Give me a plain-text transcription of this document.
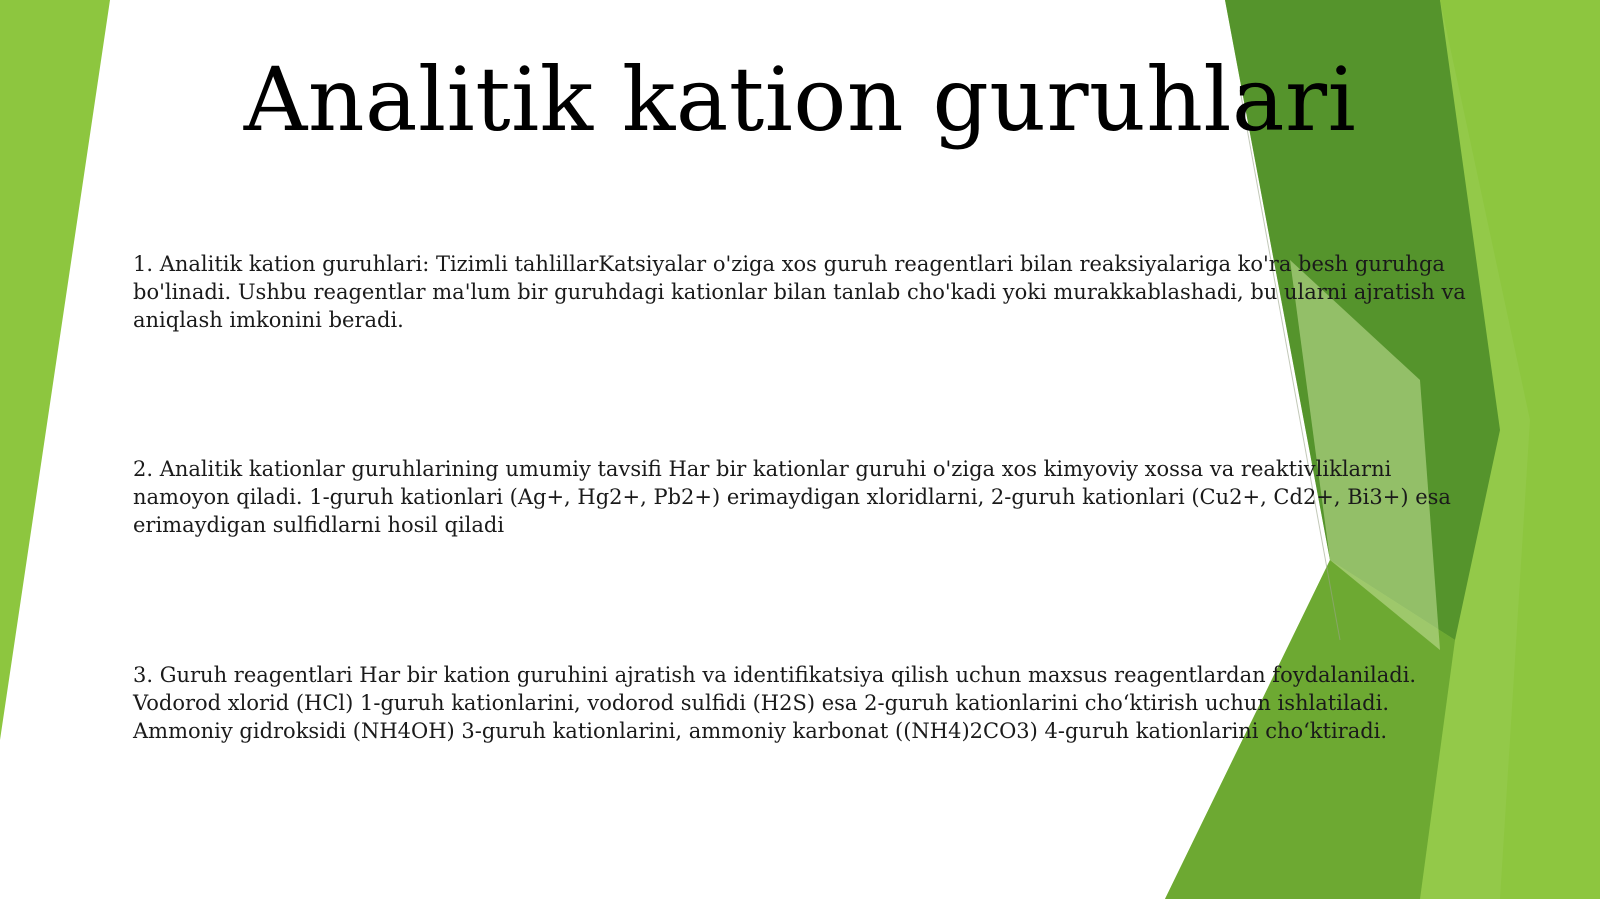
Analitik kation guruhlari

1. Analitik kation guruhlari: Tizimli tahlillarKatsiyalar o'ziga xos guruh reagentlari bilan reaksiyalariga ko'ra besh guruhga bo'linadi. Ushbu reagentlar ma'lum bir guruhdagi kationlar bilan tanlab cho'kadi yoki murakkablashadi, bu ularni ajratish va aniqlash imkonini beradi.

2. Analitik kationlar guruhlarining umumiy tavsifi Har bir kationlar guruhi o'ziga xos kimyoviy xossa va reaktivliklarni namoyon qiladi. 1-guruh kationlari (Ag+, Hg2+, Pb2+) erimaydigan xloridlarni, 2-guruh kationlari (Cu2+, Cd2+, Bi3+) esa erimaydigan sulfidlarni hosil qiladi

3. Guruh reagentlari Har bir kation guruhini ajratish va identifikatsiya qilish uchun maxsus reagentlardan foydalaniladi. Vodorod xlorid (HCl) 1-guruh kationlarini, vodorod sulfidi (H2S) esa 2-guruh kationlarini cho‘ktirish uchun ishlatiladi. Ammoniy gidroksidi (NH4OH) 3-guruh kationlarini, ammoniy karbonat ((NH4)2CO3) 4-guruh kationlarini cho‘ktiradi.
